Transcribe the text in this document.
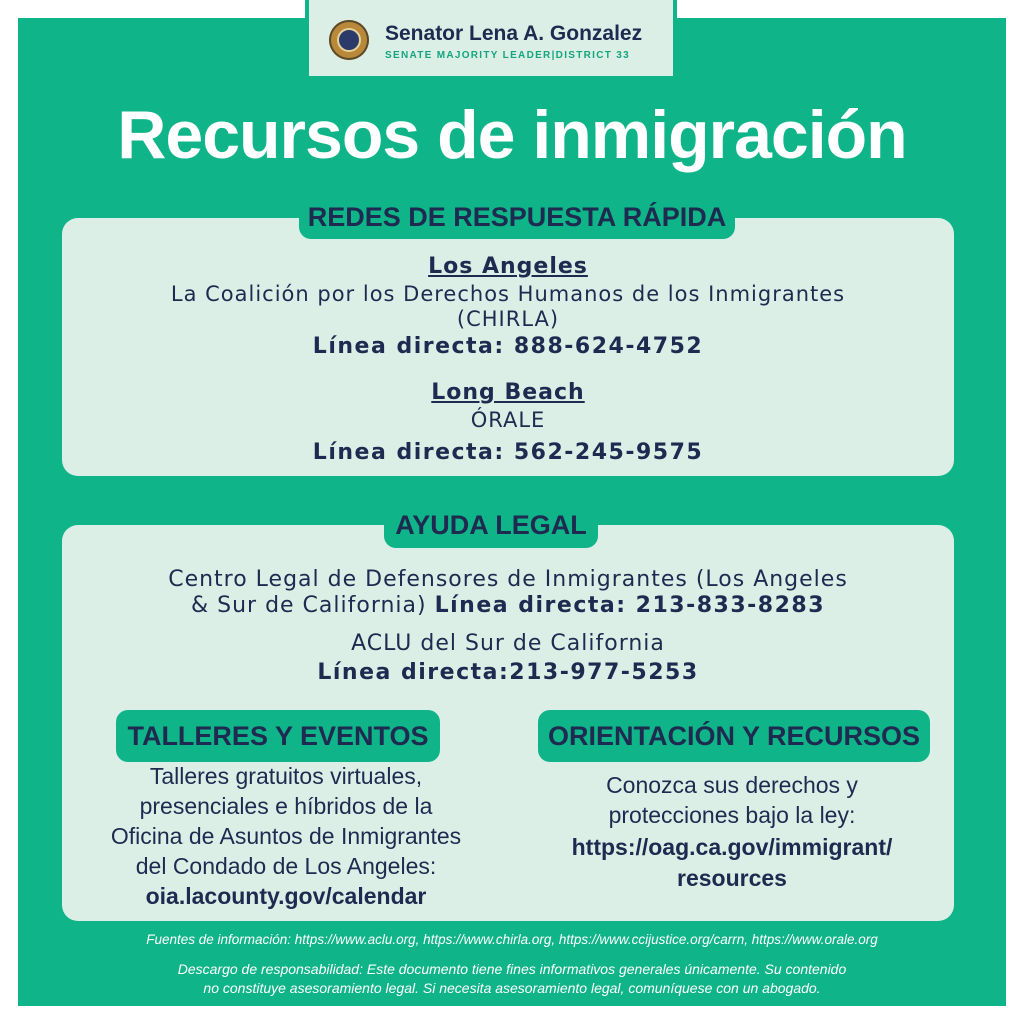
Senator Lena A. Gonzalez
SENATE MAJORITY LEADER|DISTRICT 33
Recursos de inmigración
Los Angeles
La Coalición por los Derechos Humanos de los Inmigrantes
(CHIRLA)
Línea directa: 888-624-4752
Long Beach
ÓRALE
Línea directa: 562-245-9575
REDES DE RESPUESTA RÁPIDA
Centro Legal de Defensores de Inmigrantes (Los Angeles
& Sur de California) Línea directa: 213-833-8283
ACLU del Sur de California
Línea directa:213-977-5253
Talleres gratuitos virtuales,
presenciales e híbridos de la
Oficina de Asuntos de Inmigrantes
del Condado de Los Angeles:
oia.lacounty.gov/calendar
Conozca sus derechos y
protecciones bajo la ley:
https://oag.ca.gov/immigrant/
resources
AYUDA LEGAL
TALLERES Y EVENTOS	ORIENTACIÓN Y RECURSOS
Fuentes de información: https://www.aclu.org, https://www.chirla.org, https://www.ccijustice.org/carrn, https://www.orale.org
Descargo de responsabilidad: Este documento tiene fines informativos generales únicamente. Su contenido
no constituye asesoramiento legal. Si necesita asesoramiento legal, comuníquese con un abogado.
